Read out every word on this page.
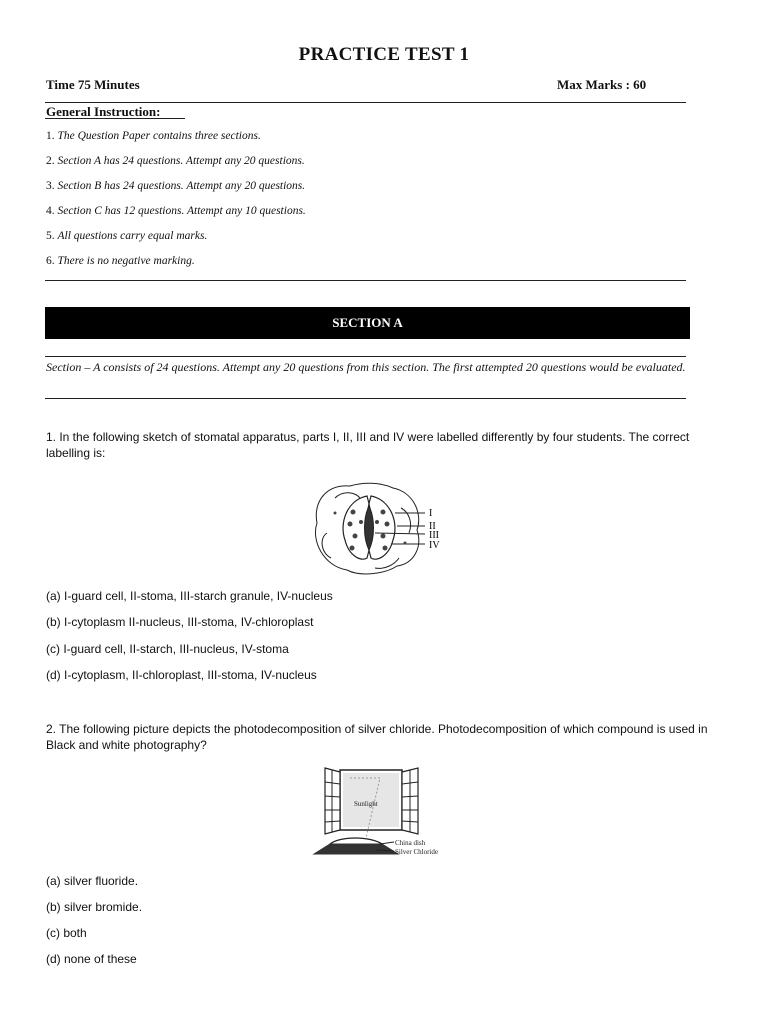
PRACTICE TEST 1
Time 75 Minutes	Max Marks : 60
General Instruction:
1. The Question Paper contains three sections.
2. Section A has 24 questions. Attempt any 20 questions.
3. Section B has 24 questions. Attempt any 20 questions.
4. Section C has 12 questions. Attempt any 10 questions.
5. All questions carry equal marks.
6. There is no negative marking.
SECTION A
Section – A consists of 24 questions. Attempt any 20 questions from this section. The first attempted 20 questions would be evaluated.
1. In the following sketch of stomatal apparatus, parts I, II, III and IV were labelled differently by four students. The correct labelling is:
I
II
III
IV
(a) I-guard cell, II-stoma, III-starch granule, IV-nucleus
(b) I-cytoplasm II-nucleus, III-stoma, IV-chloroplast
(c) I-guard cell, II-starch, III-nucleus, IV-stoma
(d) I-cytoplasm, II-chloroplast, III-stoma, IV-nucleus
2. The following picture depicts the photodecomposition of silver chloride. Photodecomposition of which compound is used in Black and white photography?
Sunlight
China dish
Silver Chloride
(a) silver fluoride.
(b) silver bromide.
(c) both
(d) none of these
